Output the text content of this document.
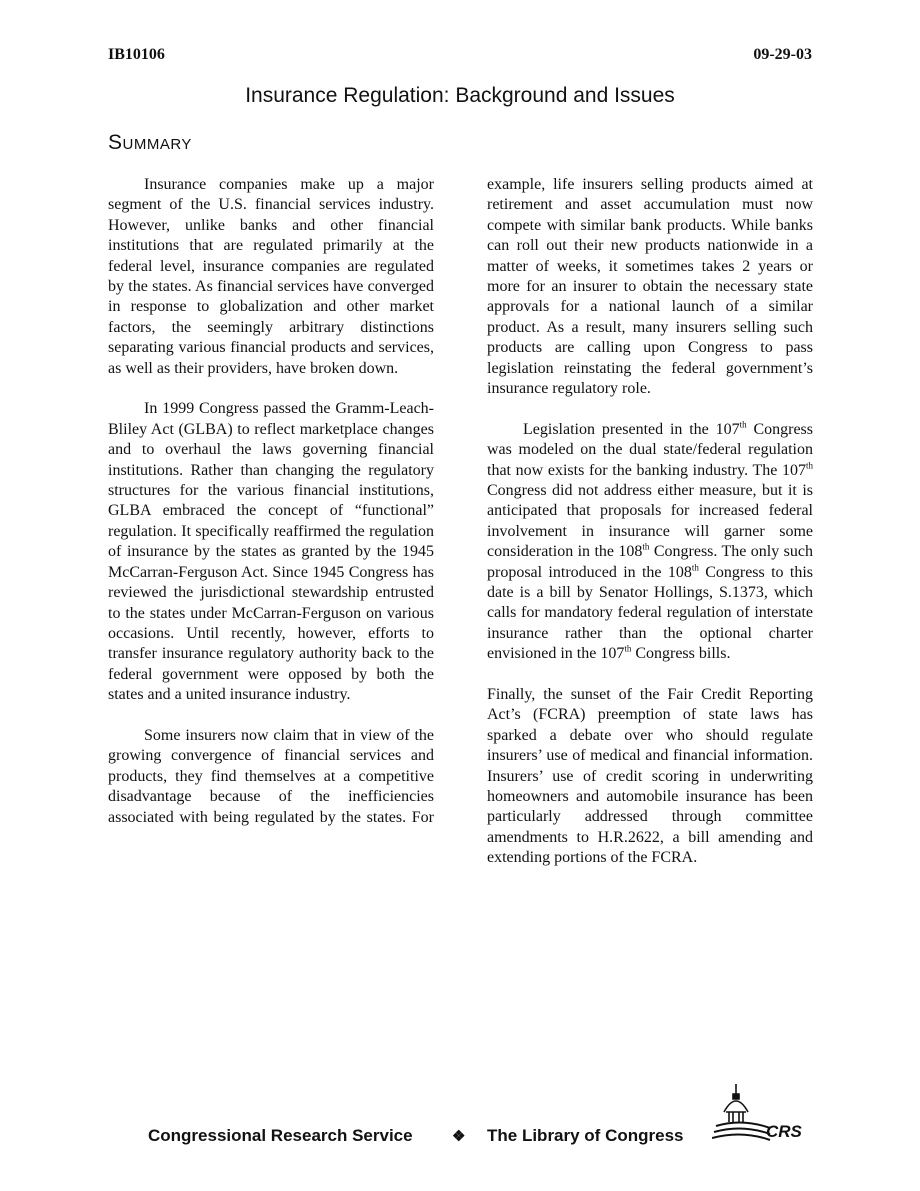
IB10106	09-29-03
Insurance Regulation: Background and Issues
Summary

Insurance companies make up a major segment of the U.S. financial services industry. However, unlike banks and other financial institutions that are regulated primarily at the federal level, insurance companies are regulated by the states. As financial services have converged in response to globalization and other market factors, the seemingly arbitrary distinctions separating various financial products and services, as well as their providers, have broken down.

In 1999 Congress passed the Gramm-Leach-Bliley Act (GLBA) to reflect marketplace changes and to overhaul the laws governing financial institutions. Rather than changing the regulatory structures for the various financial institutions, GLBA embraced the concept of “functional” regulation. It specifically reaffirmed the regulation of insurance by the states as granted by the 1945 McCarran-Ferguson Act. Since 1945 Congress has reviewed the jurisdictional stewardship entrusted to the states under McCarran-Ferguson on various occasions. Until recently, however, efforts to transfer insurance regulatory authority back to the federal government were opposed by both the states and a united insurance industry.

Some insurers now claim that in view of the growing convergence of financial services and products, they find themselves at a competitive disadvantage because of the inefficiencies associated with being regulated by the states. For

example, life insurers selling products aimed at retirement and asset accumulation must now compete with similar bank products. While banks can roll out their new products nationwide in a matter of weeks, it sometimes takes 2 years or more for an insurer to obtain the necessary state approvals for a national launch of a similar product. As a result, many insurers selling such products are calling upon Congress to pass legislation reinstating the federal government’s insurance regulatory role.

Legislation presented in the 107th Congress was modeled on the dual state/federal regulation that now exists for the banking industry. The 107th Congress did not address either measure, but it is anticipated that proposals for increased federal involvement in insurance will garner some consideration in the 108th Congress. The only such proposal introduced in the 108th Congress to this date is a bill by Senator Hollings, S.1373, which calls for mandatory federal regulation of interstate insurance rather than the optional charter envisioned in the 107th Congress bills.

Finally, the sunset of the Fair Credit Reporting Act’s (FCRA) preemption of state laws has sparked a debate over who should regulate insurers’ use of medical and financial information. Insurers’ use of credit scoring in underwriting homeowners and automobile insurance has been particularly addressed through committee amendments to H.R.2622, a bill amending and extending portions of the FCRA.

Congressional Research Service	❖ The Library of Congress	CRS
